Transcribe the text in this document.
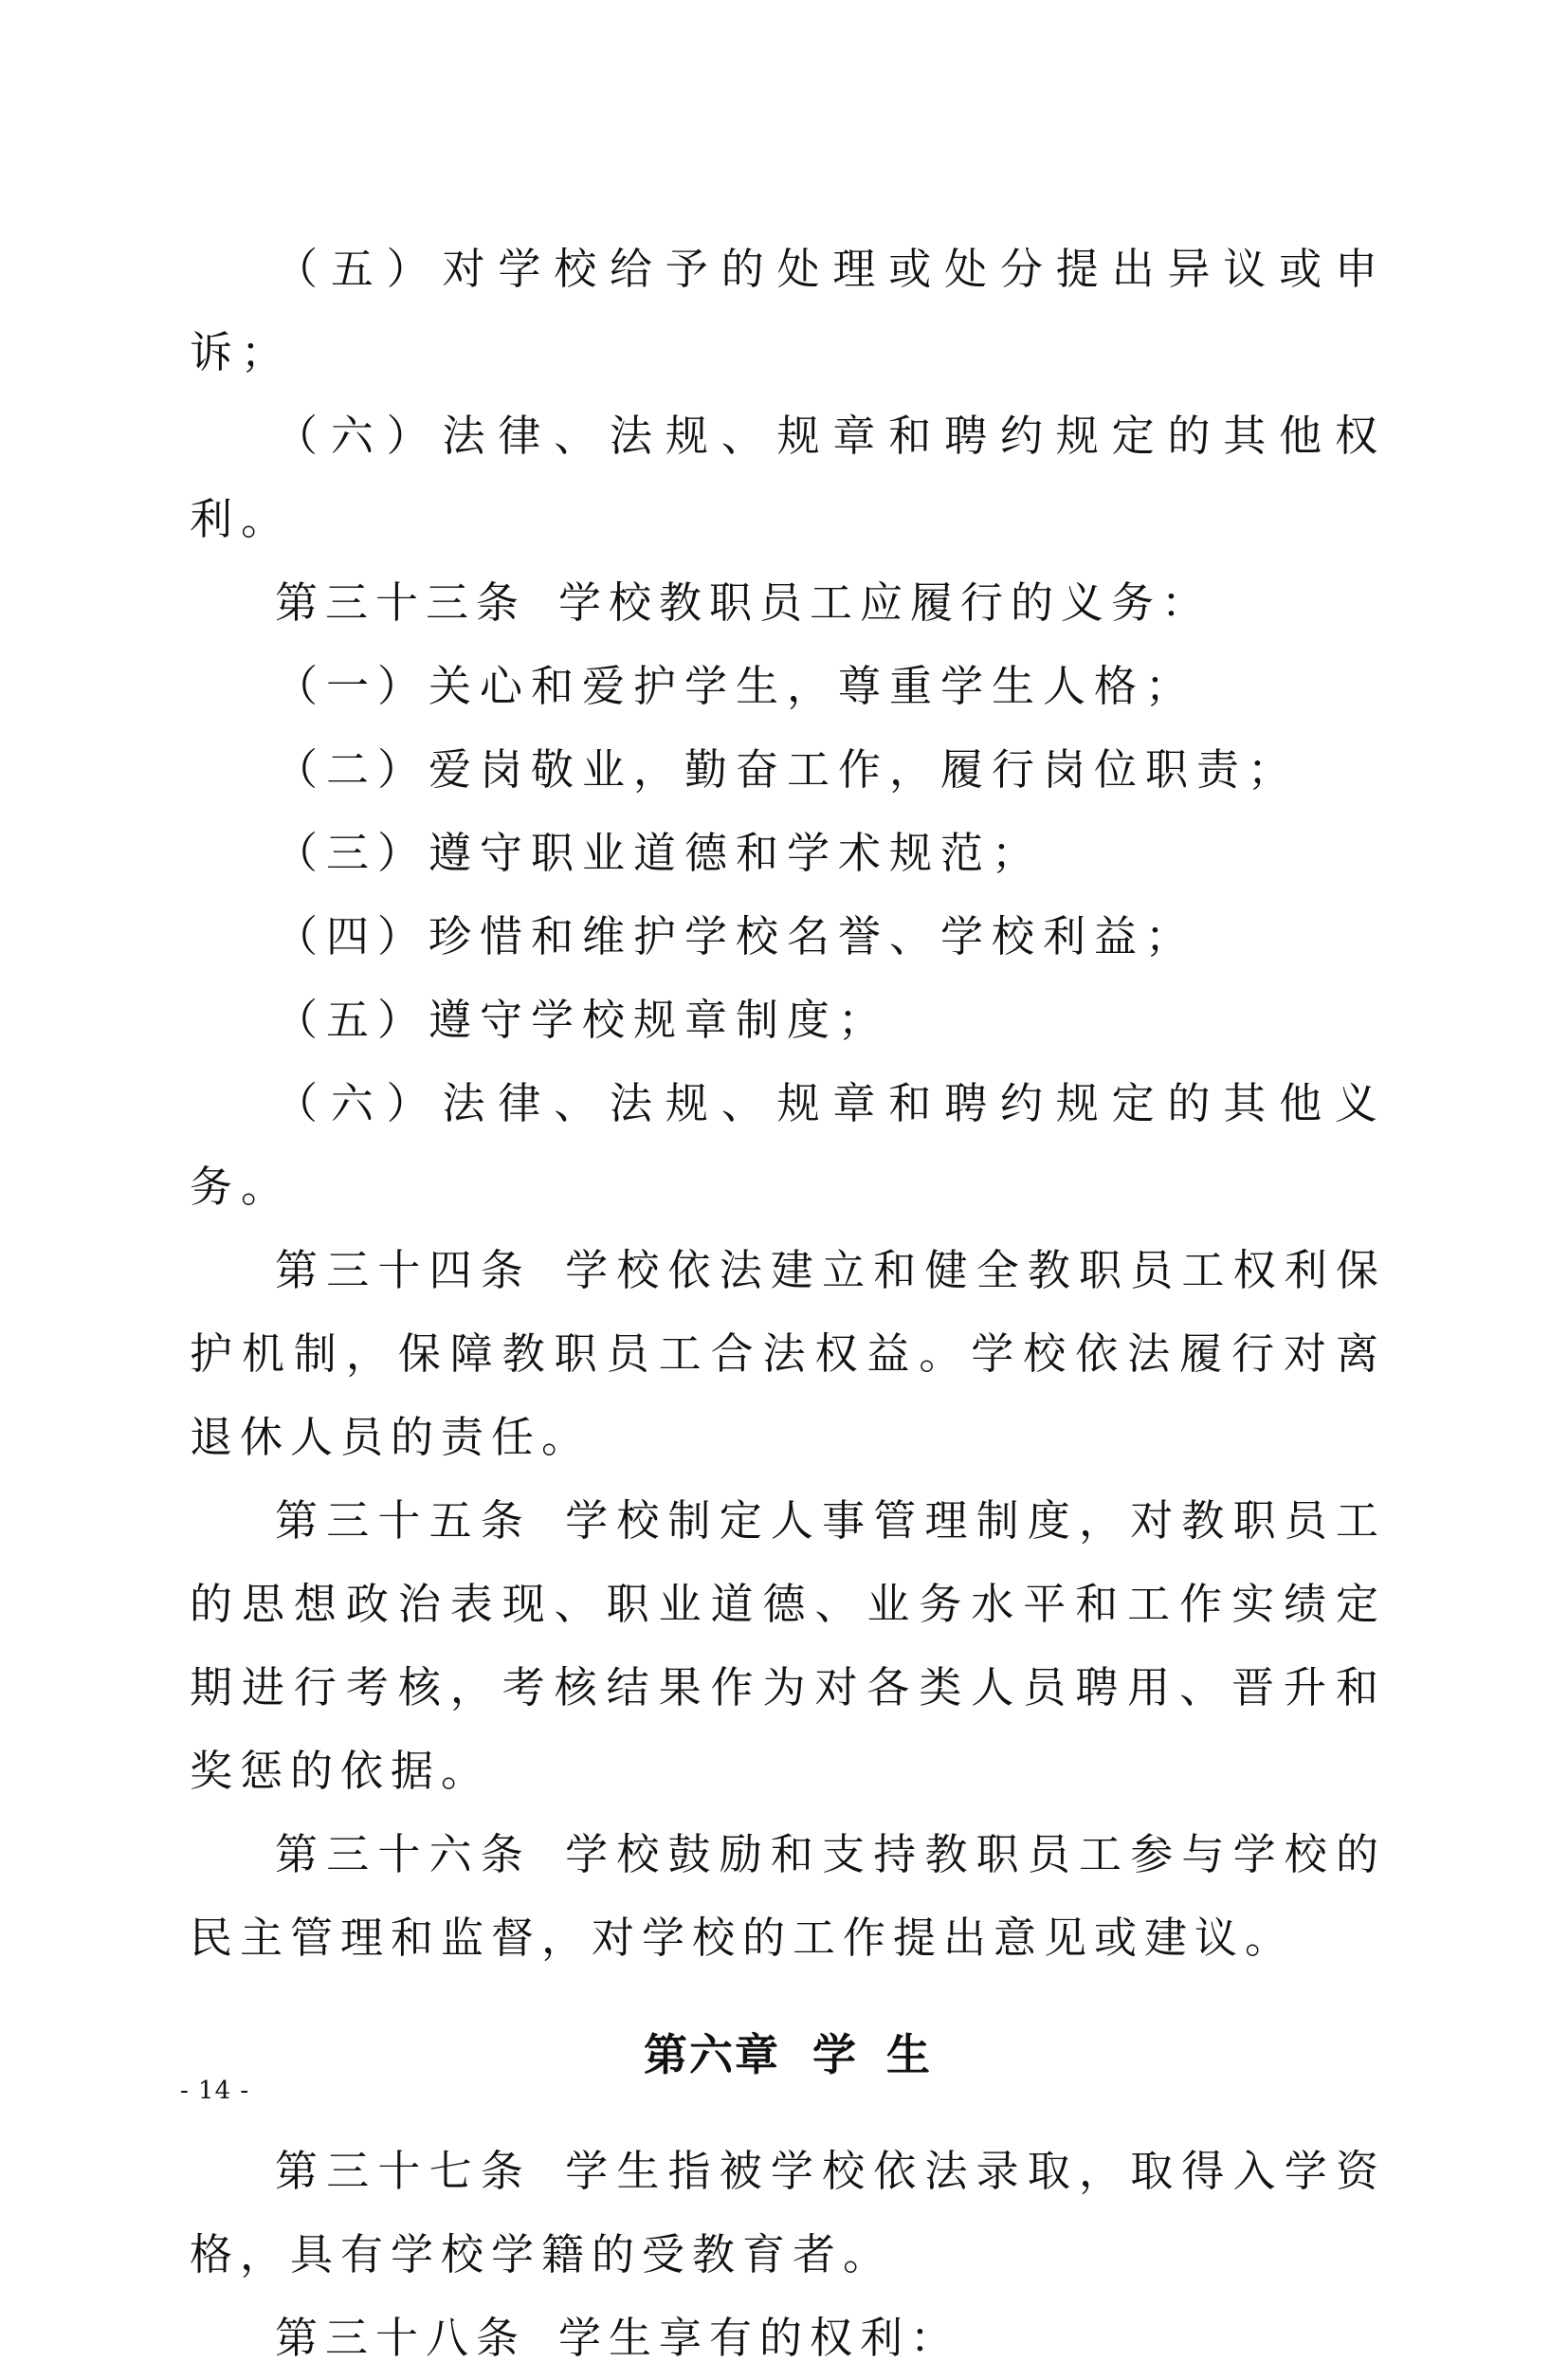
（五）对学校给予的处理或处分提出异议或申诉；

（六）法律、法规、规章和聘约规定的其他权利。

第三十三条 学校教职员工应履行的义务：

（一）关心和爱护学生，尊重学生人格；

（二）爱岗敬业，勤奋工作，履行岗位职责；

（三）遵守职业道德和学术规范；

（四）珍惜和维护学校名誉、学校利益；

（五）遵守学校规章制度；

（六）法律、法规、规章和聘约规定的其他义务。

第三十四条 学校依法建立和健全教职员工权利保护机制，保障教职员工合法权益。学校依法履行对离退休人员的责任。

第三十五条 学校制定人事管理制度，对教职员工的思想政治表现、职业道德、业务水平和工作实绩定期进行考核，考核结果作为对各类人员聘用、晋升和奖惩的依据。

第三十六条 学校鼓励和支持教职员工参与学校的民主管理和监督，对学校的工作提出意见或建议。

第六章 学 生

第三十七条 学生指被学校依法录取，取得入学资格，具有学校学籍的受教育者。

第三十八条 学生享有的权利：

- 14 -
